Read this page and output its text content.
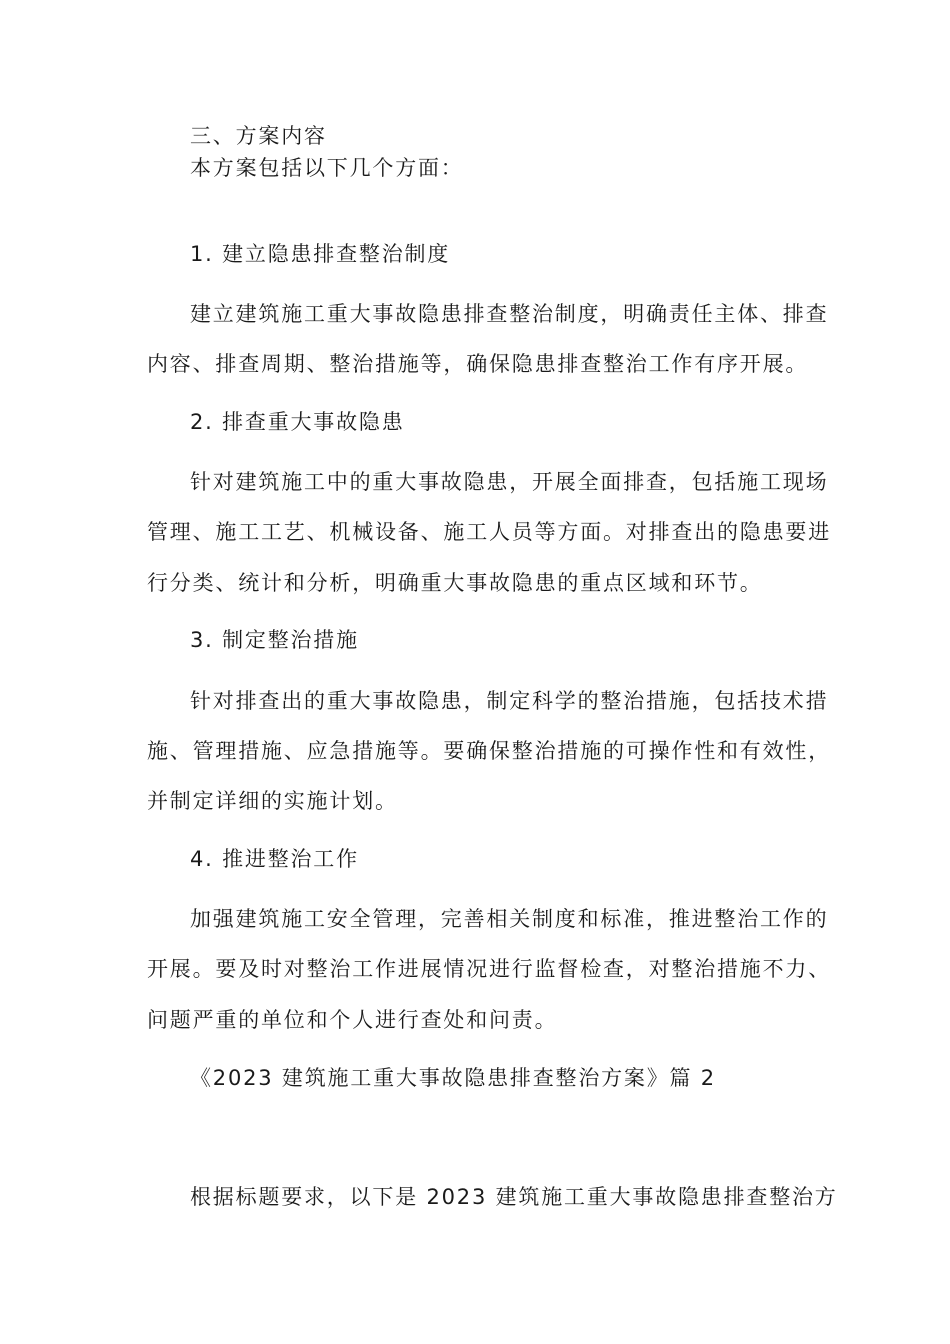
三、方案内容
本方案包括以下几个方面：
1. 建立隐患排查整治制度
建立建筑施工重大事故隐患排查整治制度，明确责任主体、排查
内容、排查周期、整治措施等，确保隐患排查整治工作有序开展。
2. 排查重大事故隐患
针对建筑施工中的重大事故隐患，开展全面排查，包括施工现场
管理、施工工艺、机械设备、施工人员等方面。对排查出的隐患要进
行分类、统计和分析，明确重大事故隐患的重点区域和环节。
3. 制定整治措施
针对排查出的重大事故隐患，制定科学的整治措施，包括技术措
施、管理措施、应急措施等。要确保整治措施的可操作性和有效性，
并制定详细的实施计划。
4. 推进整治工作
加强建筑施工安全管理，完善相关制度和标准，推进整治工作的
开展。要及时对整治工作进展情况进行监督检查，对整治措施不力、
问题严重的单位和个人进行查处和问责。
《2023 建筑施工重大事故隐患排查整治方案》篇 2
根据标题要求，以下是 2023 建筑施工重大事故隐患排查整治方
